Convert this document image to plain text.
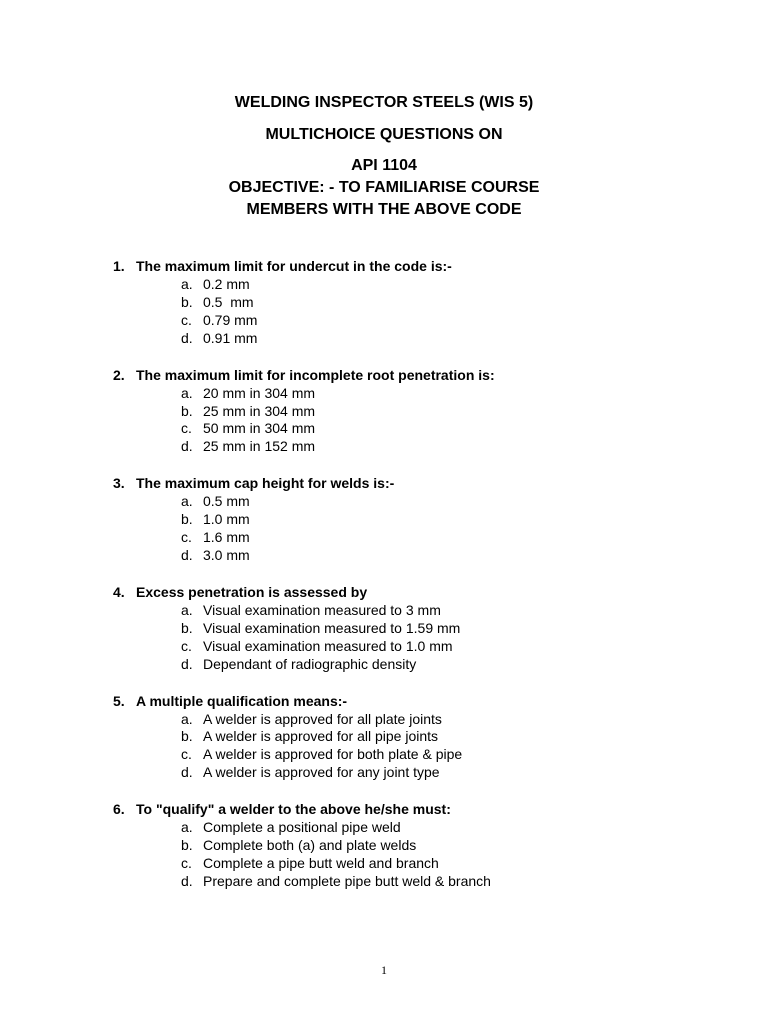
WELDING INSPECTOR STEELS (WIS 5)
MULTICHOICE QUESTIONS ON
API 1104
OBJECTIVE: - TO FAMILIARISE COURSE
MEMBERS WITH THE ABOVE CODE
1. The maximum limit for undercut in the code is:-
a. 0.2 mm
b. 0.5  mm
c. 0.79 mm
d. 0.91 mm
2. The maximum limit for incomplete root penetration is:
a. 20 mm in 304 mm
b. 25 mm in 304 mm
c. 50 mm in 304 mm
d. 25 mm in 152 mm
3. The maximum cap height for welds is:-
a. 0.5 mm
b. 1.0 mm
c. 1.6 mm
d. 3.0 mm
4. Excess penetration is assessed by
a. Visual examination measured to 3 mm
b. Visual examination measured to 1.59 mm
c. Visual examination measured to 1.0 mm
d. Dependant of radiographic density
5. A multiple qualification means:-
a. A welder is approved for all plate joints
b. A welder is approved for all pipe joints
c. A welder is approved for both plate & pipe
d. A welder is approved for any joint type
6. To "qualify" a welder to the above he/she must:
a. Complete a positional pipe weld
b. Complete both (a) and plate welds
c. Complete a pipe butt weld and branch
d. Prepare and complete pipe butt weld & branch
1
